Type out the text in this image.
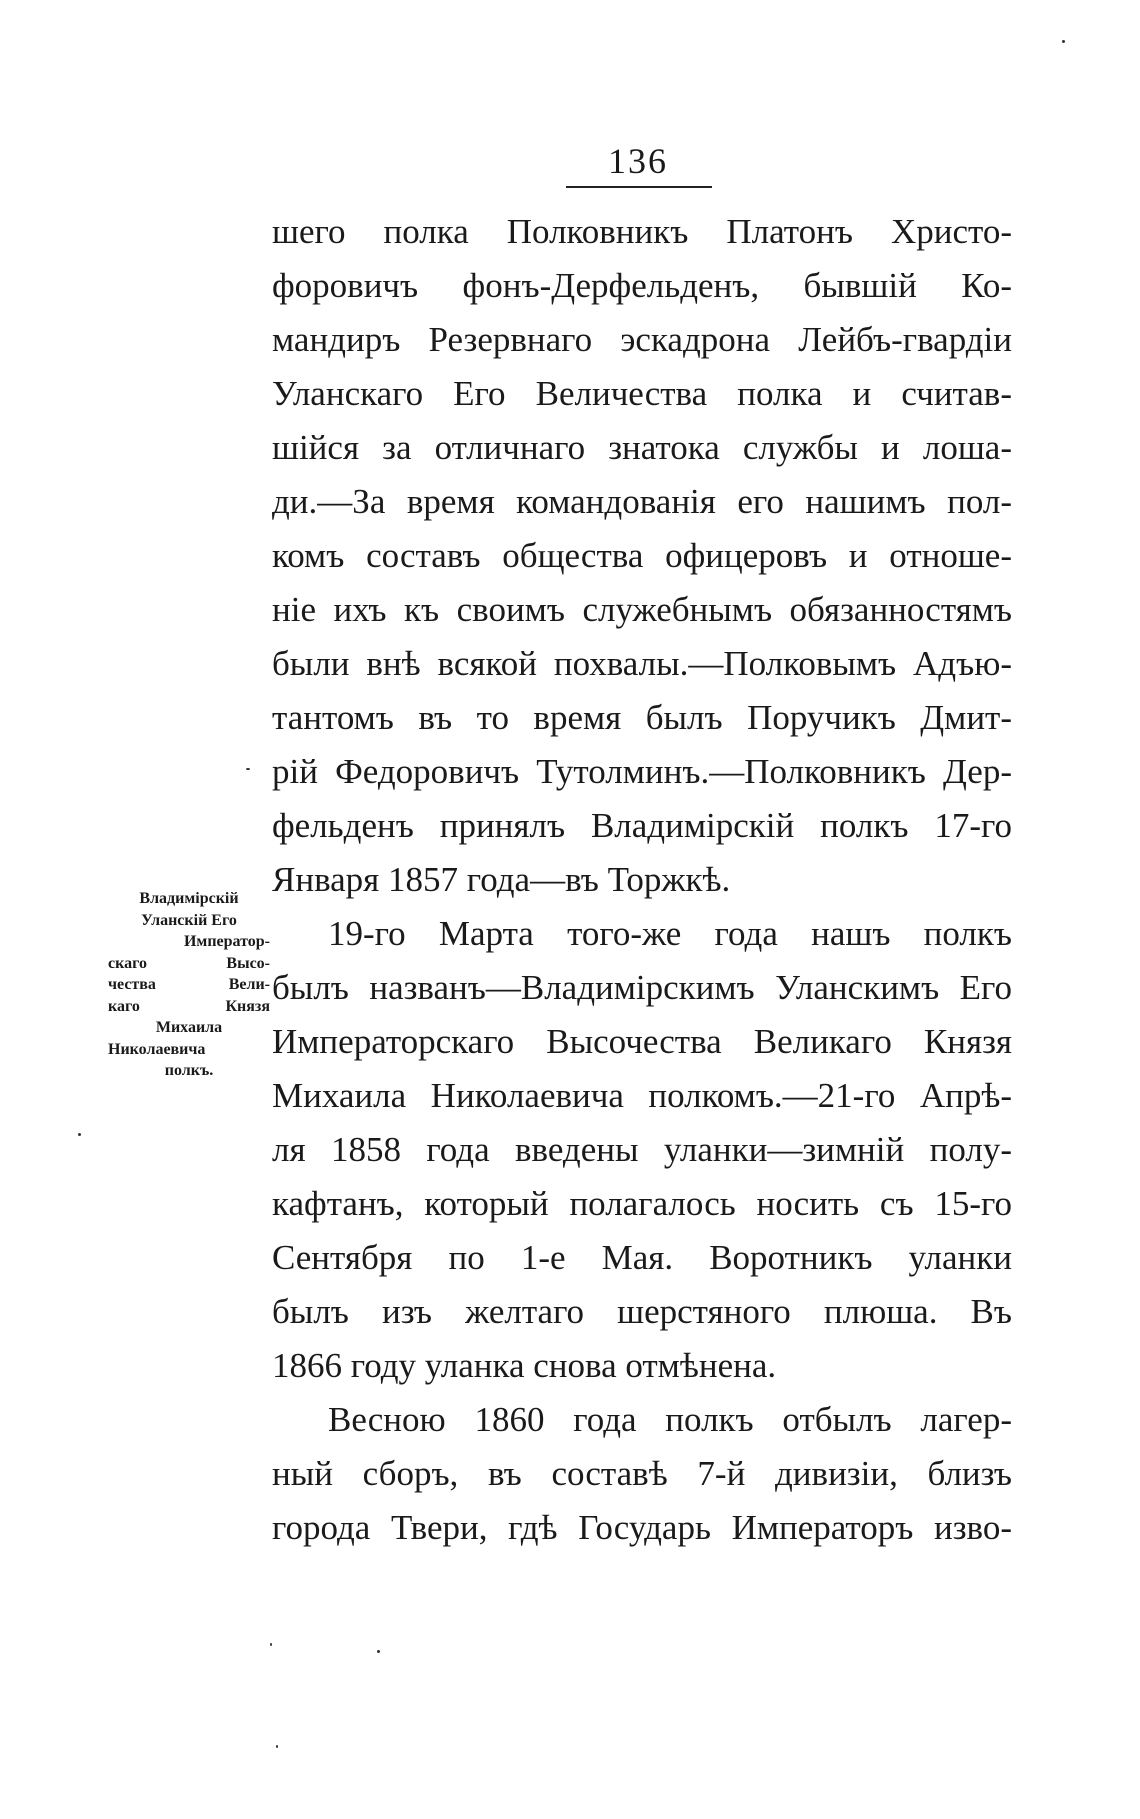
136
Владимірскій
Уланскій Его
Император-
скаго Высо-
чества Вели-
каго Князя
Михаила
Николаевича
полкъ.
шего полка Полковникъ Платонъ Христо-
форовичъ фонъ-Дерфельденъ, бывшій Ко-
мандиръ Резервнаго эскадрона Лейбъ-гвардіи
Уланскаго Его Величества полка и считав-
шійся за отличнаго знатока службы и лоша-
ди.—За время командованія его нашимъ пол-
комъ составъ общества офицеровъ и отноше-
ніе ихъ къ своимъ служебнымъ обязанностямъ
были внѣ всякой похвалы.—Полковымъ Адъю-
тантомъ въ то время былъ Поручикъ Дмит-
рій Федоровичъ Тутолминъ.—Полковникъ Дер-
фельденъ принялъ Владимірскій полкъ 17-го
Января 1857 года—въ Торжкѣ.
19-го Марта того-же года нашъ полкъ
былъ названъ—Владимірскимъ Уланскимъ Его
Императорскаго Высочества Великаго Князя
Михаила Николаевича полкомъ.—21-го Апрѣ-
ля 1858 года введены уланки—зимній полу-
кафтанъ, который полагалось носить съ 15-го
Сентября по 1-е Мая. Воротникъ уланки
былъ изъ желтаго шерстяного плюша. Въ
1866 году уланка снова отмѣнена.
Весною 1860 года полкъ отбылъ лагер-
ный сборъ, въ составѣ 7-й дивизіи, близъ
города Твери, гдѣ Государь Императоръ изво-
